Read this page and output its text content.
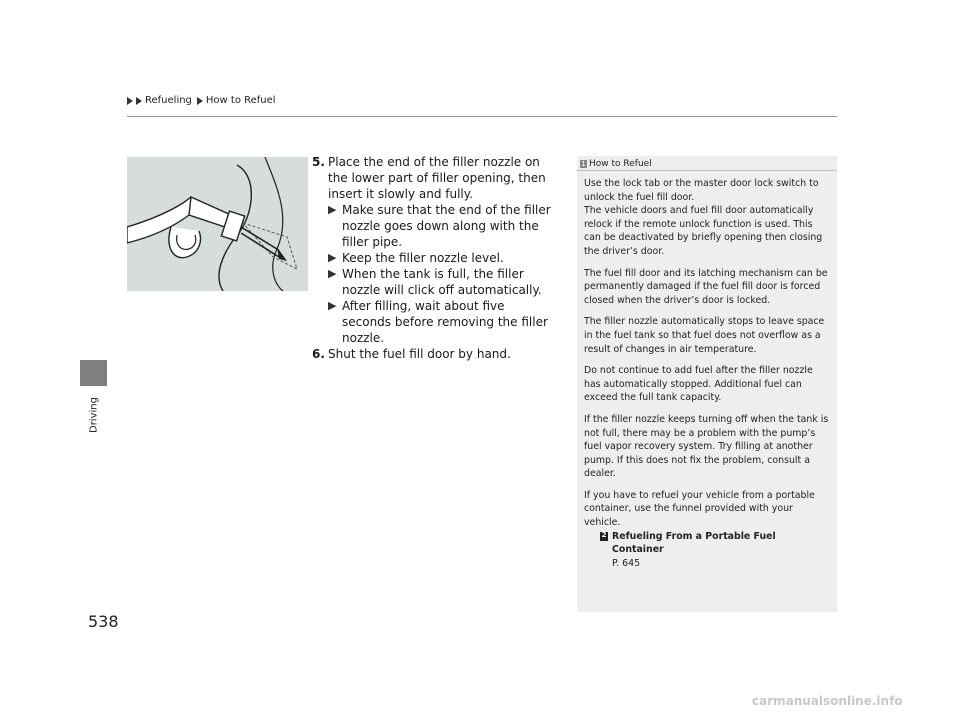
Refueling How to Refuel
Driving
538
5. Place the end of the filler nozzle on the lower part of filler opening, then insert it slowly and fully.
▶ Make sure that the end of the filler nozzle goes down along with the filler pipe.
▶ Keep the filler nozzle level.
▶ When the tank is full, the filler nozzle will click off automatically.
▶ After filling, wait about five seconds before removing the filler nozzle.
6. Shut the fuel fill door by hand.
1 How to Refuel

Use the lock tab or the master door lock switch to unlock the fuel fill door.
The vehicle doors and fuel fill door automatically relock if the remote unlock function is used. This can be deactivated by briefly opening then closing the driver’s door.

The fuel fill door and its latching mechanism can be permanently damaged if the fuel fill door is forced closed when the driver’s door is locked.

The filler nozzle automatically stops to leave space in the fuel tank so that fuel does not overflow as a result of changes in air temperature.

Do not continue to add fuel after the filler nozzle has automatically stopped. Additional fuel can exceed the full tank capacity.

If the filler nozzle keeps turning off when the tank is not full, there may be a problem with the pump’s fuel vapor recovery system. Try filling at another pump. If this does not fix the problem, consult a dealer.

If you have to refuel your vehicle from a portable container, use the funnel provided with your vehicle.

2 Refueling From a Portable Fuel Container
P. 645
carmanualsonline.info
